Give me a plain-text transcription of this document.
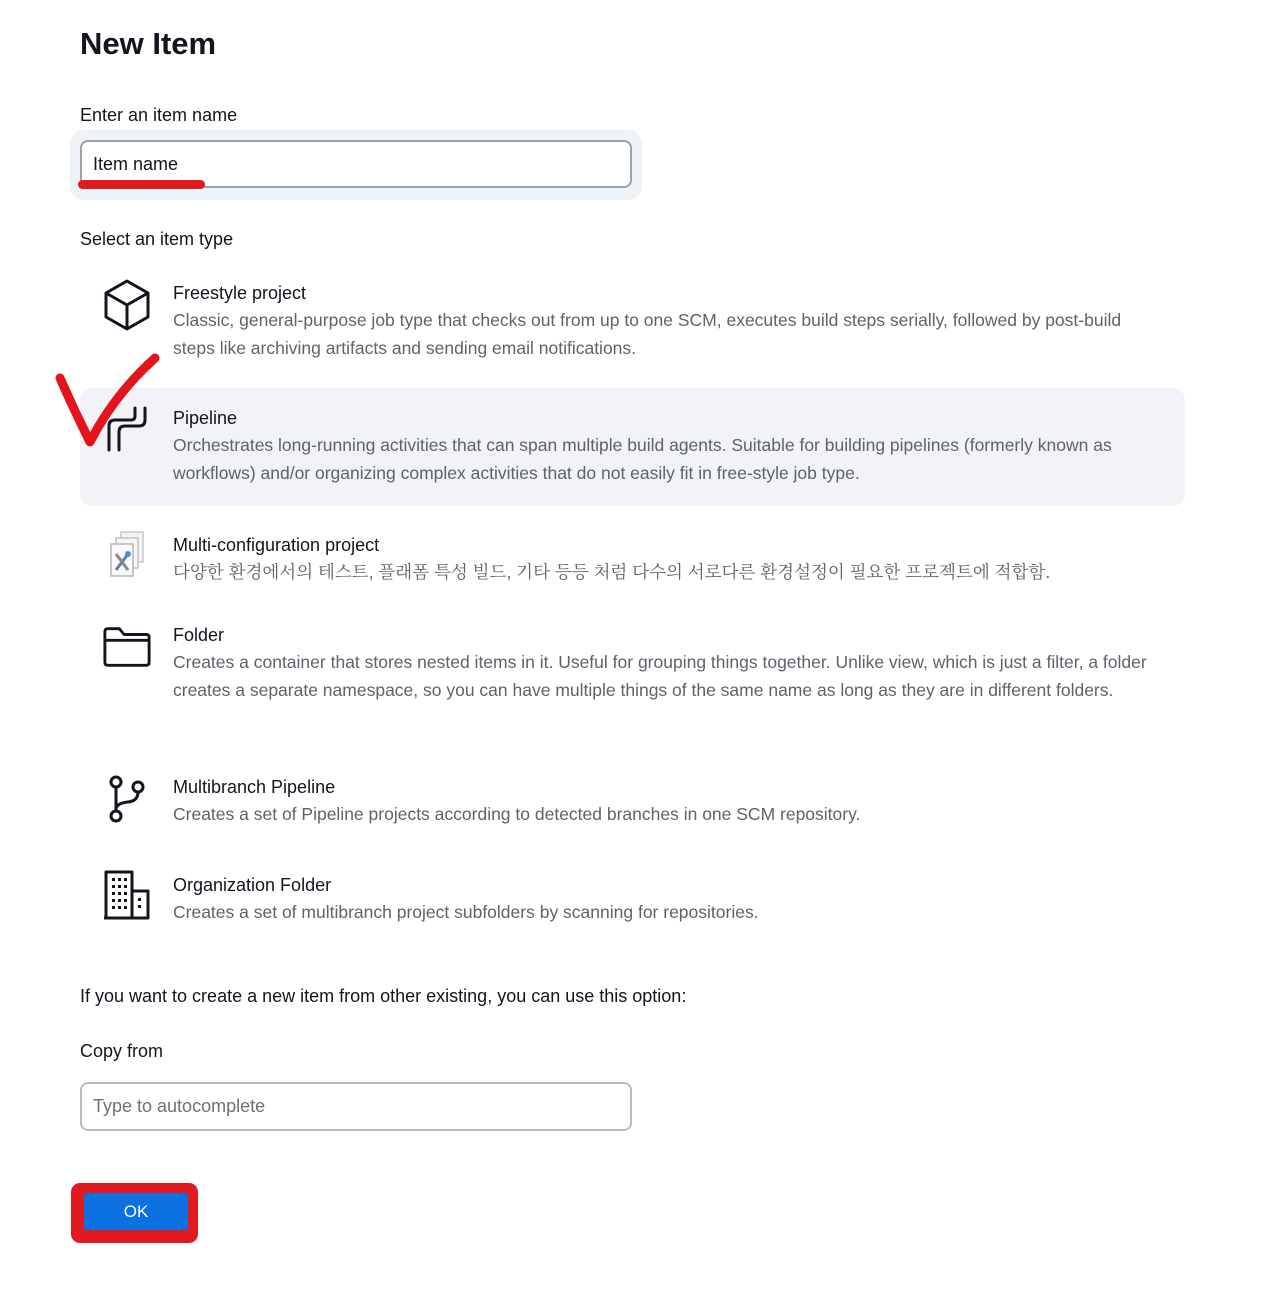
New Item
Enter an item name
Item name
Select an item type
Freestyle project
Classic, general-purpose job type that checks out from up to one SCM, executes build steps serially, followed by post-build steps like archiving artifacts and sending email notifications.
Pipeline
Orchestrates long-running activities that can span multiple build agents. Suitable for building pipelines (formerly known as workflows) and/or organizing complex activities that do not easily fit in free-style job type.
Multi-configuration project
다양한 환경에서의 테스트, 플래폼 특성 빌드, 기타 등등 처럼 다수의 서로다른 환경설정이 필요한 프로젝트에 적합함.
Folder
Creates a container that stores nested items in it. Useful for grouping things together. Unlike view, which is just a filter, a folder creates a separate namespace, so you can have multiple things of the same name as long as they are in different folders.
Multibranch Pipeline
Creates a set of Pipeline projects according to detected branches in one SCM repository.
Organization Folder
Creates a set of multibranch project subfolders by scanning for repositories.
If you want to create a new item from other existing, you can use this option:
Copy from
Type to autocomplete
OK
